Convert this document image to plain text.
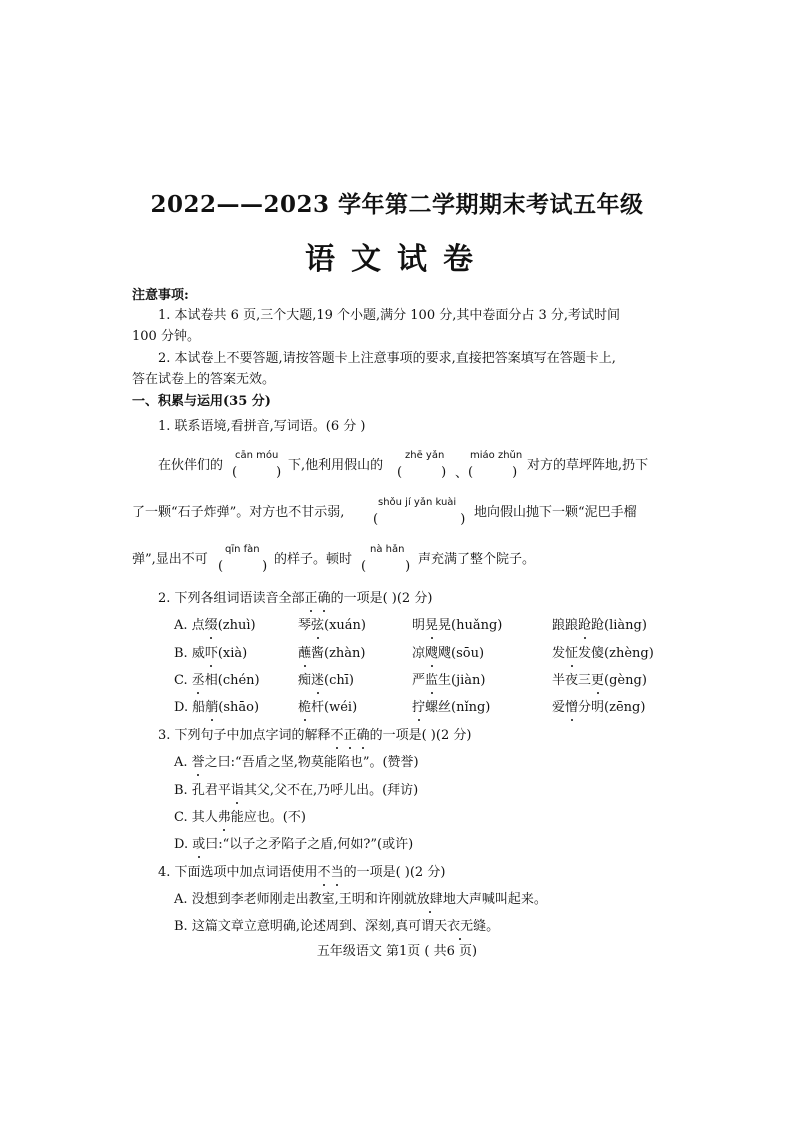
2022——2023 学年第二学期期末考试五年级
语文试卷
注意事项:
1. 本试卷共 6 页,三个大题,19 个小题,满分 100 分,其中卷面分占 3 分,考试时间
100 分钟。
2. 本试卷上不要答题,请按答题卡上注意事项的要求,直接把答案填写在答题卡上,
答在试卷上的答案无效。
一、积累与运用(35 分)
1. 联系语境,看拼音,写词语。(6 分 )
在伙伴们的
cān móu
(　　　) 下,他利用假山的
zhē yǎn
(　　　) 、
miáo zhǔn
(　　　) 对方的草坪阵地,扔下
了一颗“石子炸弹”。对方也不甘示弱,
shǒu jí yǎn kuài
(　　　　　　 ) 地向假山抛下一颗“泥巴手榴
弹”,显出不可
qīn fàn
(　　　) 的样子。顿时
nà hǎn
(　　　) 声充满了整个院子。
2. 下列各组词语读音全部正确的一项是( )(2 分)
A. 点缀(zhuì)	琴弦(xuán)	明晃晃(huǎng)	踉踉跄跄(liàng)
B. 威吓(xià)	蘸酱(zhàn)	凉飕飕(sōu)	发怔发傻(zhèng)
C. 丞相(chén)	痴迷(chī)	严监生(jiàn)	半夜三更(gèng)
D. 船艄(shāo)	桅杆(wéi)	拧螺丝(nǐng)	爱憎分明(zēng)
3. 下列句子中加点字词的解释不正确的一项是( )(2 分)
A. 誉之曰:“吾盾之坚,物莫能陷也”。(赞誉)
B. 孔君平诣其父,父不在,乃呼儿出。(拜访)
C. 其人弗能应也。(不)
D. 或曰:“以子之矛陷子之盾,何如?”(或许)
4. 下面选项中加点词语使用不当的一项是( )(2 分)
A. 没想到李老师刚走出教室,王明和许刚就放肆地大声喊叫起来。
B. 这篇文章立意明确,论述周到、深刻,真可谓天衣无缝。
五年级语文 第1页 ( 共6 页)
